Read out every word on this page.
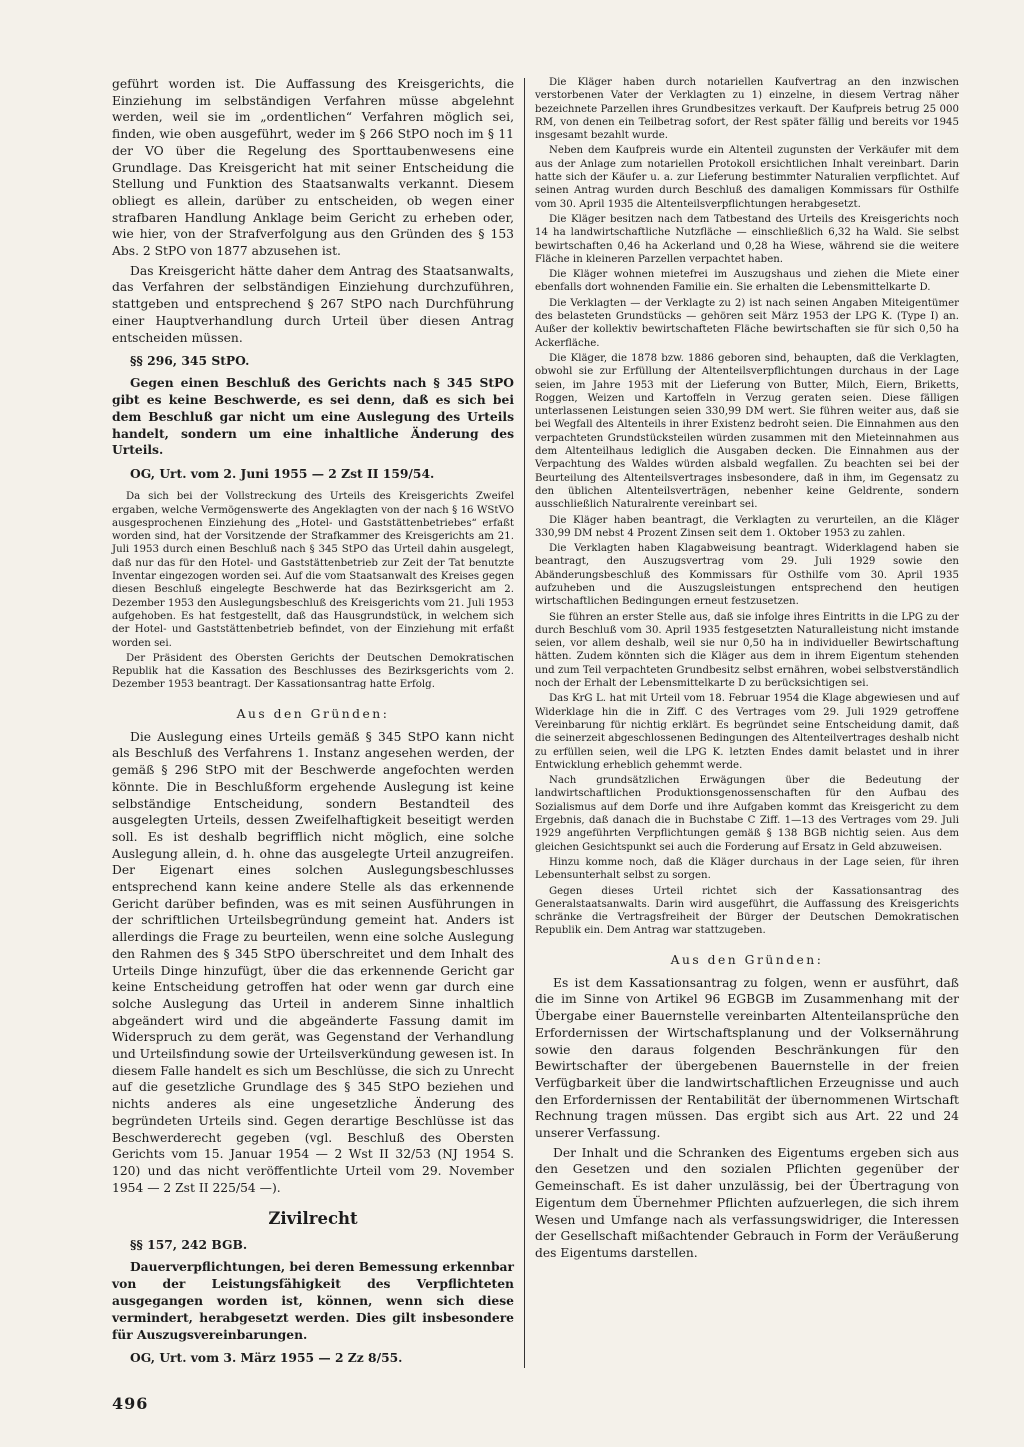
geführt worden ist. Die Auffassung des Kreisgerichts, die Einziehung im selbständigen Verfahren müsse abgelehnt werden, weil sie im „ordentlichen“ Verfahren möglich sei, finden, wie oben ausgeführt, weder im § 266 StPO noch im § 11 der VO über die Regelung des Sporttaubenwesens eine Grundlage. Das Kreisgericht hat mit seiner Entscheidung die Stellung und Funktion des Staatsanwalts verkannt. Diesem obliegt es allein, darüber zu entscheiden, ob wegen einer strafbaren Handlung Anklage beim Gericht zu erheben oder, wie hier, von der Strafverfolgung aus den Gründen des § 153 Abs. 2 StPO von 1877 abzusehen ist.

Das Kreisgericht hätte daher dem Antrag des Staatsanwalts, das Verfahren der selbständigen Einziehung durchzuführen, stattgeben und entsprechend § 267 StPO nach Durchführung einer Hauptverhandlung durch Urteil über diesen Antrag entscheiden müssen.

§§ 296, 345 StPO.

Gegen einen Beschluß des Gerichts nach § 345 StPO gibt es keine Beschwerde, es sei denn, daß es sich bei dem Beschluß gar nicht um eine Auslegung des Urteils handelt, sondern um eine inhaltliche Änderung des Urteils.

OG, Urt. vom 2. Juni 1955 — 2 Zst II 159/54.

Da sich bei der Vollstreckung des Urteils des Kreisgerichts Zweifel ergaben, welche Vermögenswerte des Angeklagten von der nach § 16 WStVO ausgesprochenen Einziehung des „Hotel- und Gaststättenbetriebes“ erfaßt worden sind, hat der Vorsitzende der Strafkammer des Kreisgerichts am 21. Juli 1953 durch einen Beschluß nach § 345 StPO das Urteil dahin ausgelegt, daß nur das für den Hotel- und Gaststättenbetrieb zur Zeit der Tat benutzte Inventar eingezogen worden sei. Auf die vom Staatsanwalt des Kreises gegen diesen Beschluß eingelegte Beschwerde hat das Bezirksgericht am 2. Dezember 1953 den Auslegungsbeschluß des Kreisgerichts vom 21. Juli 1953 aufgehoben. Es hat festgestellt, daß das Hausgrundstück, in welchem sich der Hotel- und Gaststättenbetrieb befindet, von der Einziehung mit erfaßt worden sei.

Der Präsident des Obersten Gerichts der Deutschen Demokratischen Republik hat die Kassation des Beschlusses des Bezirksgerichts vom 2. Dezember 1953 beantragt. Der Kassationsantrag hatte Erfolg.

Aus den Gründen:

Die Auslegung eines Urteils gemäß § 345 StPO kann nicht als Beschluß des Verfahrens 1. Instanz angesehen werden, der gemäß § 296 StPO mit der Beschwerde angefochten werden könnte. Die in Beschlußform ergehende Auslegung ist keine selbständige Entscheidung, sondern Bestandteil des ausgelegten Urteils, dessen Zweifelhaftigkeit beseitigt werden soll. Es ist deshalb begrifflich nicht möglich, eine solche Auslegung allein, d. h. ohne das ausgelegte Urteil anzugreifen. Der Eigenart eines solchen Auslegungsbeschlusses entsprechend kann keine andere Stelle als das erkennende Gericht darüber befinden, was es mit seinen Ausführungen in der schriftlichen Urteilsbegründung gemeint hat. Anders ist allerdings die Frage zu beurteilen, wenn eine solche Auslegung den Rahmen des § 345 StPO überschreitet und dem Inhalt des Urteils Dinge hinzufügt, über die das erkennende Gericht gar keine Entscheidung getroffen hat oder wenn gar durch eine solche Auslegung das Urteil in anderem Sinne inhaltlich abgeändert wird und die abgeänderte Fassung damit im Widerspruch zu dem gerät, was Gegenstand der Verhandlung und Urteilsfindung sowie der Urteilsverkündung gewesen ist. In diesem Falle handelt es sich um Beschlüsse, die sich zu Unrecht auf die gesetzliche Grundlage des § 345 StPO beziehen und nichts anderes als eine ungesetzliche Änderung des begründeten Urteils sind. Gegen derartige Beschlüsse ist das Beschwerderecht gegeben (vgl. Beschluß des Obersten Gerichts vom 15. Januar 1954 — 2 Wst II 32/53 (NJ 1954 S. 120) und das nicht veröffentlichte Urteil vom 29. November 1954 — 2 Zst II 225/54 —).

Zivilrecht
§§ 157, 242 BGB.

Dauerverpflichtungen, bei deren Bemessung erkennbar von der Leistungsfähigkeit des Verpflichteten ausgegangen worden ist, können, wenn sich diese vermindert, herabgesetzt werden. Dies gilt insbesondere für Auszugsvereinbarungen.

OG, Urt. vom 3. März 1955 — 2 Zz 8/55.

Die Kläger haben durch notariellen Kaufvertrag an den inzwischen verstorbenen Vater der Verklagten zu 1) einzelne, in diesem Vertrag näher bezeichnete Parzellen ihres Grundbesitzes verkauft. Der Kaufpreis betrug 25 000 RM, von denen ein Teilbetrag sofort, der Rest später fällig und bereits vor 1945 insgesamt bezahlt wurde.

Neben dem Kaufpreis wurde ein Altenteil zugunsten der Verkäufer mit dem aus der Anlage zum notariellen Protokoll ersichtlichen Inhalt vereinbart. Darin hatte sich der Käufer u. a. zur Lieferung bestimmter Naturalien verpflichtet. Auf seinen Antrag wurden durch Beschluß des damaligen Kommissars für Osthilfe vom 30. April 1935 die Altenteilsverpflichtungen herabgesetzt.

Die Kläger besitzen nach dem Tatbestand des Urteils des Kreisgerichts noch 14 ha landwirtschaftliche Nutzfläche — einschließlich 6,32 ha Wald. Sie selbst bewirtschaften 0,46 ha Ackerland und 0,28 ha Wiese, während sie die weitere Fläche in kleineren Parzellen verpachtet haben.

Die Kläger wohnen mietefrei im Auszugshaus und ziehen die Miete einer ebenfalls dort wohnenden Familie ein. Sie erhalten die Lebensmittelkarte D.

Die Verklagten — der Verklagte zu 2) ist nach seinen Angaben Miteigentümer des belasteten Grundstücks — gehören seit März 1953 der LPG K. (Type I) an. Außer der kollektiv bewirtschafteten Fläche bewirtschaften sie für sich 0,50 ha Ackerfläche.

Die Kläger, die 1878 bzw. 1886 geboren sind, behaupten, daß die Verklagten, obwohl sie zur Erfüllung der Altenteilsverpflichtungen durchaus in der Lage seien, im Jahre 1953 mit der Lieferung von Butter, Milch, Eiern, Briketts, Roggen, Weizen und Kartoffeln in Verzug geraten seien. Diese fälligen unterlassenen Leistungen seien 330,99 DM wert. Sie führen weiter aus, daß sie bei Wegfall des Altenteils in ihrer Existenz bedroht seien. Die Einnahmen aus den verpachteten Grundstücksteilen würden zusammen mit den Mieteinnahmen aus dem Altenteilhaus lediglich die Ausgaben decken. Die Einnahmen aus der Verpachtung des Waldes würden alsbald wegfallen. Zu beachten sei bei der Beurteilung des Altenteilsvertrages insbesondere, daß in ihm, im Gegensatz zu den üblichen Altenteilsverträgen, nebenher keine Geldrente, sondern ausschließlich Naturalrente vereinbart sei.

Die Kläger haben beantragt, die Verklagten zu verurteilen, an die Kläger 330,99 DM nebst 4 Prozent Zinsen seit dem 1. Oktober 1953 zu zahlen.

Die Verklagten haben Klagabweisung beantragt. Widerklagend haben sie beantragt, den Auszugsvertrag vom 29. Juli 1929 sowie den Abänderungsbeschluß des Kommissars für Osthilfe vom 30. April 1935 aufzuheben und die Auszugsleistungen entsprechend den heutigen wirtschaftlichen Bedingungen erneut festzusetzen.

Sie führen an erster Stelle aus, daß sie infolge ihres Eintritts in die LPG zu der durch Beschluß vom 30. April 1935 festgesetzten Naturalleistung nicht imstande seien, vor allem deshalb, weil sie nur 0,50 ha in individueller Bewirtschaftung hätten. Zudem könnten sich die Kläger aus dem in ihrem Eigentum stehenden und zum Teil verpachteten Grundbesitz selbst ernähren, wobei selbstverständlich noch der Erhalt der Lebensmittelkarte D zu berücksichtigen sei.

Das KrG L. hat mit Urteil vom 18. Februar 1954 die Klage abgewiesen und auf Widerklage hin die in Ziff. C des Vertrages vom 29. Juli 1929 getroffene Vereinbarung für nichtig erklärt. Es begründet seine Entscheidung damit, daß die seinerzeit abgeschlossenen Bedingungen des Altenteilvertrages deshalb nicht zu erfüllen seien, weil die LPG K. letzten Endes damit belastet und in ihrer Entwicklung erheblich gehemmt werde.

Nach grundsätzlichen Erwägungen über die Bedeutung der landwirtschaftlichen Produktionsgenossenschaften für den Aufbau des Sozialismus auf dem Dorfe und ihre Aufgaben kommt das Kreisgericht zu dem Ergebnis, daß danach die in Buchstabe C Ziff. 1—13 des Vertrages vom 29. Juli 1929 angeführten Verpflichtungen gemäß § 138 BGB nichtig seien. Aus dem gleichen Gesichtspunkt sei auch die Forderung auf Ersatz in Geld abzuweisen.

Hinzu komme noch, daß die Kläger durchaus in der Lage seien, für ihren Lebensunterhalt selbst zu sorgen.

Gegen dieses Urteil richtet sich der Kassationsantrag des Generalstaatsanwalts. Darin wird ausgeführt, die Auffassung des Kreisgerichts schränke die Vertragsfreiheit der Bürger der Deutschen Demokratischen Republik ein. Dem Antrag war stattzugeben.

Aus den Gründen:

Es ist dem Kassationsantrag zu folgen, wenn er ausführt, daß die im Sinne von Artikel 96 EGBGB im Zusammenhang mit der Übergabe einer Bauernstelle vereinbarten Altenteilansprüche den Erfordernissen der Wirtschaftsplanung und der Volksernährung sowie den daraus folgenden Beschränkungen für den Bewirtschafter der übergebenen Bauernstelle in der freien Verfügbarkeit über die landwirtschaftlichen Erzeugnisse und auch den Erfordernissen der Rentabilität der übernommenen Wirtschaft Rechnung tragen müssen. Das ergibt sich aus Art. 22 und 24 unserer Verfassung.

Der Inhalt und die Schranken des Eigentums ergeben sich aus den Gesetzen und den sozialen Pflichten gegenüber der Gemeinschaft. Es ist daher unzulässig, bei der Übertragung von Eigentum dem Übernehmer Pflichten aufzuerlegen, die sich ihrem Wesen und Umfange nach als verfassungswidriger, die Interessen der Gesellschaft mißachtender Gebrauch in Form der Veräußerung des Eigentums darstellen.

496
